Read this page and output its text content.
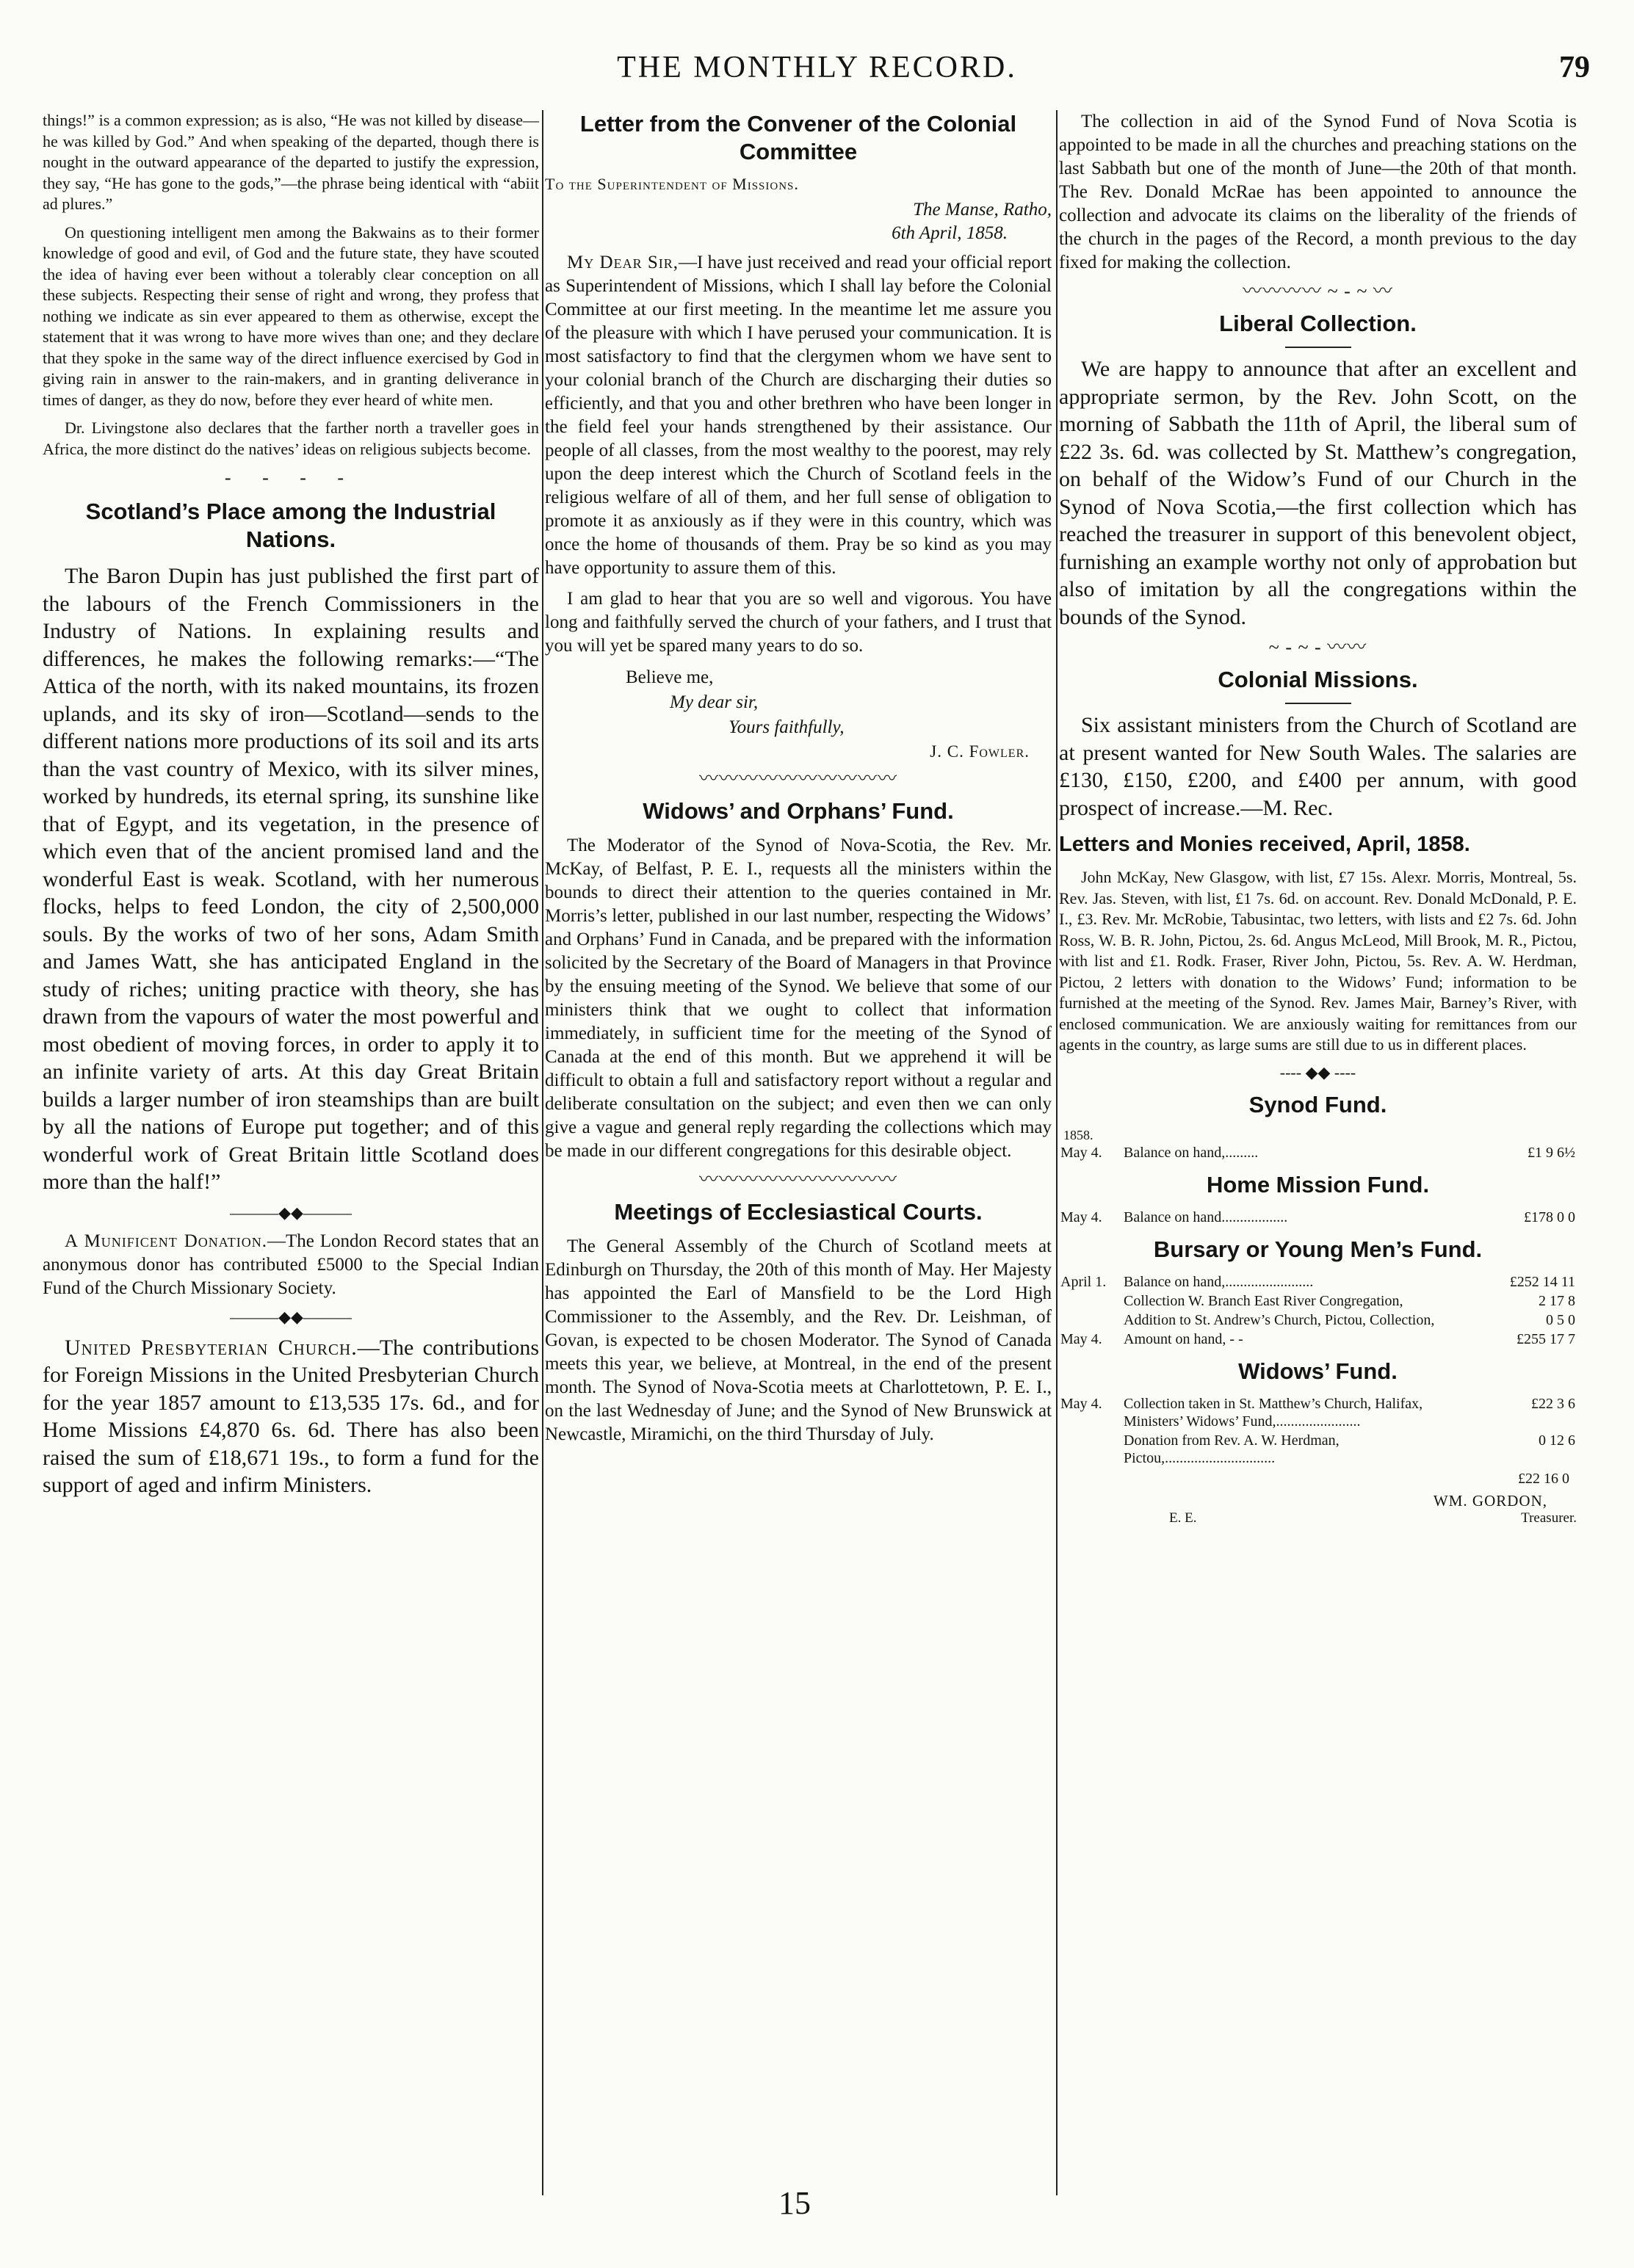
THE MONTHLY RECORD.	79

things!” is a common expression; as is also, “He was not killed by disease—he was killed by God.” And when speaking of the departed, though there is nought in the outward appearance of the departed to justify the expression, they say, “He has gone to the gods,”—the phrase being identical with “abiit ad plures.”

On questioning intelligent men among the Bakwains as to their former knowledge of good and evil, of God and the future state, they have scouted the idea of having ever been without a tolerably clear conception on all these subjects. Respecting their sense of right and wrong, they profess that nothing we indicate as sin ever appeared to them as otherwise, except the statement that it was wrong to have more wives than one; and they declare that they spoke in the same way of the direct influence exercised by God in giving rain in answer to the rain-makers, and in granting deliverance in times of danger, as they do now, before they ever heard of white men.

Dr. Livingstone also declares that the farther north a traveller goes in Africa, the more distinct do the natives’ ideas on religious subjects become.

- - - -
Scotland’s Place among the Industrial Nations.

The Baron Dupin has just published the first part of the labours of the French Commissioners in the Industry of Nations. In explaining results and differences, he makes the following remarks:—“The Attica of the north, with its naked mountains, its frozen uplands, and its sky of iron—Scotland—sends to the different nations more productions of its soil and its arts than the vast country of Mexico, with its silver mines, worked by hundreds, its eternal spring, its sunshine like that of Egypt, and its vegetation, in the presence of which even that of the ancient promised land and the wonderful East is weak. Scotland, with her numerous flocks, helps to feed London, the city of 2,500,000 souls. By the works of two of her sons, Adam Smith and James Watt, she has anticipated England in the study of riches; uniting practice with theory, she has drawn from the vapours of water the most powerful and most obedient of moving forces, in order to apply it to an infinite variety of arts. At this day Great Britain builds a larger number of iron steamships than are built by all the nations of Europe put together; and of this wonderful work of Great Britain little Scotland does more than the half!”

———◆◆———

A Munificent Donation.—The London Record states that an anonymous donor has contributed £5000 to the Special Indian Fund of the Church Missionary Society.

———◆◆———

United Presbyterian Church.—The contributions for Foreign Missions in the United Presbyterian Church for the year 1857 amount to £13,535 17s. 6d., and for Home Missions £4,870 6s. 6d. There has also been raised the sum of £18,671 19s., to form a fund for the support of aged and infirm Ministers.

Letter from the Convener of the Colonial Committee

To the Superintendent of Missions.

The Manse, Ratho,

6th April, 1858.

My Dear Sir,—I have just received and read your official report as Superintendent of Missions, which I shall lay before the Colonial Committee at our first meeting. In the meantime let me assure you of the pleasure with which I have perused your communication. It is most satisfactory to find that the clergymen whom we have sent to your colonial branch of the Church are discharging their duties so efficiently, and that you and other brethren who have been longer in the field feel your hands strengthened by their assistance. Our people of all classes, from the most wealthy to the poorest, may rely upon the deep interest which the Church of Scotland feels in the religious welfare of all of them, and her full sense of obligation to promote it as anxiously as if they were in this country, which was once the home of thousands of them. Pray be so kind as you may have opportunity to assure them of this.

I am glad to hear that you are so well and vigorous. You have long and faithfully served the church of your fathers, and I trust that you will yet be spared many years to do so.

Believe me,

My dear sir,

Yours faithfully,

J. C. Fowler.

〰〰〰〰〰〰〰〰〰〰
Widows’ and Orphans’ Fund.

The Moderator of the Synod of Nova-Scotia, the Rev. Mr. McKay, of Belfast, P. E. I., requests all the ministers within the bounds to direct their attention to the queries contained in Mr. Morris’s letter, published in our last number, respecting the Widows’ and Orphans’ Fund in Canada, and be prepared with the information solicited by the Secretary of the Board of Managers in that Province by the ensuing meeting of the Synod. We believe that some of our ministers think that we ought to collect that information immediately, in sufficient time for the meeting of the Synod of Canada at the end of this month. But we apprehend it will be difficult to obtain a full and satisfactory report without a regular and deliberate consultation on the subject; and even then we can only give a vague and general reply regarding the collections which may be made in our different congregations for this desirable object.

〰〰〰〰〰〰〰〰〰〰
Meetings of Ecclesiastical Courts.

The General Assembly of the Church of Scotland meets at Edinburgh on Thursday, the 20th of this month of May. Her Majesty has appointed the Earl of Mansfield to be the Lord High Commissioner to the Assembly, and the Rev. Dr. Leishman, of Govan, is expected to be chosen Moderator. The Synod of Canada meets this year, we believe, at Montreal, in the end of the present month. The Synod of Nova-Scotia meets at Charlottetown, P. E. I., on the last Wednesday of June; and the Synod of New Brunswick at Newcastle, Miramichi, on the third Thursday of July.

The collection in aid of the Synod Fund of Nova Scotia is appointed to be made in all the churches and preaching stations on the last Sabbath but one of the month of June—the 20th of that month. The Rev. Donald McRae has been appointed to announce the collection and advocate its claims on the liberality of the friends of the church in the pages of the Record, a month previous to the day fixed for making the collection.

〰〰〰〰 ~ - ~ 〰
Liberal Collection.

We are happy to announce that after an excellent and appropriate sermon, by the Rev. John Scott, on the morning of Sabbath the 11th of April, the liberal sum of £22 3s. 6d. was collected by St. Matthew’s congregation, on behalf of the Widow’s Fund of our Church in the Synod of Nova Scotia,—the first collection which has reached the treasurer in support of this benevolent object, furnishing an example worthy not only of approbation but also of imitation by all the congregations within the bounds of the Synod.

~ - ~ - 〰〰
Colonial Missions.

Six assistant ministers from the Church of Scotland are at present wanted for New South Wales. The salaries are £130, £150, £200, and £400 per annum, with good prospect of increase.—M. Rec.

Letters and Monies received, April, 1858.

John McKay, New Glasgow, with list, £7 15s. Alexr. Morris, Montreal, 5s. Rev. Jas. Steven, with list, £1 7s. 6d. on account. Rev. Donald McDonald, P. E. I., £3. Rev. Mr. McRobie, Tabusintac, two letters, with lists and £2 7s. 6d. John Ross, W. B. R. John, Pictou, 2s. 6d. Angus McLeod, Mill Brook, M. R., Pictou, with list and £1. Rodk. Fraser, River John, Pictou, 5s. Rev. A. W. Herdman, Pictou, 2 letters with donation to the Widows’ Fund; information to be furnished at the meeting of the Synod. Rev. James Mair, Barney’s River, with enclosed communication. We are anxiously waiting for remittances from our agents in the country, as large sums are still due to us in different places.

---- ◆◆ ----
Synod Fund.
1858.
May 4.	Balance on hand,.........	£1 9 6½
Home Mission Fund.
May 4.	Balance on hand..................	£178 0 0
Bursary or Young Men’s Fund.
April 1.	Balance on hand,........................	£252 14 11
	Collection W. Branch East River Congregation,	2 17 8
	Addition to St. Andrew’s Church, Pictou, Collection,	0 5 0
May 4.	Amount on hand, - -	£255 17 7
Widows’ Fund.
May 4.	Collection taken in St. Matthew’s Church, Halifax, Ministers’ Widows’ Fund,.......................	£22 3 6
	Donation from Rev. A. W. Herdman, Pictou,..............................	0 12 6
£22 16 0
WM. GORDON,
E. E.	Treasurer.
15
